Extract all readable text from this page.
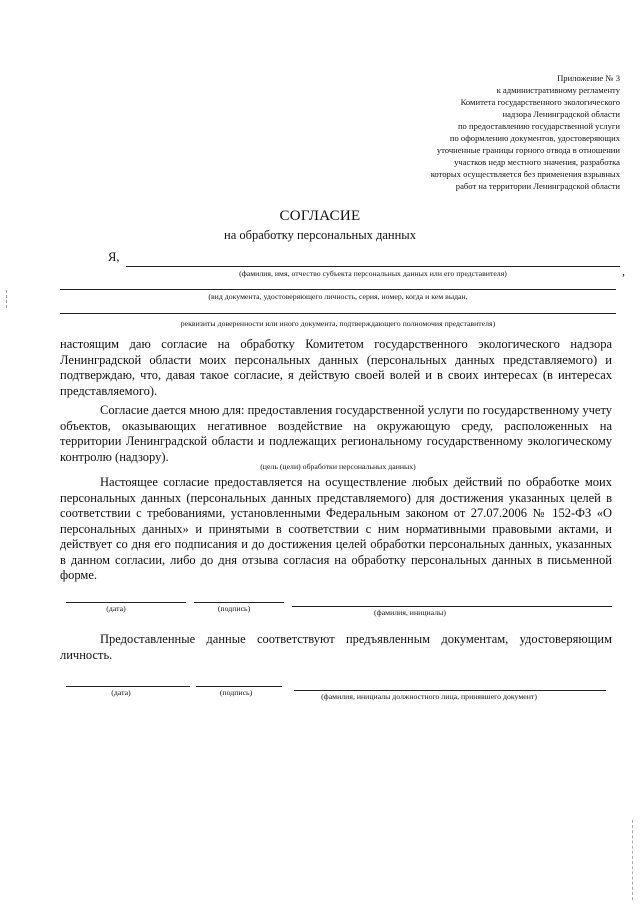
Приложение № 3
к административному регламенту
Комитета государственного экологического
надзора Ленинградской области
по предоставлению государственной услуги
по оформлению документов, удостоверяющих
уточненные границы горного отвода в отношении
участков недр местного значения, разработка
которых осуществляется без применения взрывных
работ на территории Ленинградской области
СОГЛАСИЕ
на обработку персональных данных
Я,
,
(фамилия, имя, отчество субъекта персональных данных или его представителя)
(вид документа, удостоверяющего личность, серия, номер, когда и кем выдан,
реквизиты доверенности или иного документа, подтверждающего полномочия представителя)
настоящим даю согласие на обработку Комитетом государственного экологического надзора Ленинградской области моих персональных данных (персональных данных представляемого) и подтверждаю, что, давая такое согласие, я действую своей волей и в своих интересах (в интересах представляемого).
Согласие дается мною для: предоставления государственной услуги по государственному учету объектов, оказывающих негативное воздействие на окружающую среду, расположенных на территории Ленинградской области и подлежащих региональному государственному экологическому контролю (надзору).
(цель (цели) обработки персональных данных)
Настоящее согласие предоставляется на осуществление любых действий по обработке моих персональных данных (персональных данных представляемого) для достижения указанных целей в соответствии с требованиями, установленными Федеральным законом от 27.07.2006 № 152-ФЗ «О персональных данных» и принятыми в соответствии с ним нормативными правовыми актами, и действует со дня его подписания и до достижения целей обработки персональных данных, указанных в данном согласии, либо до дня отзыва согласия на обработку персональных данных в письменной форме.
(дата)	(подпись)	(фамилия, инициалы)
Предоставленные данные соответствуют предъявленным документам, удостоверяющим личность.
(дата)	(подпись)	(фамилия, инициалы должностного лица, принявшего документ)
